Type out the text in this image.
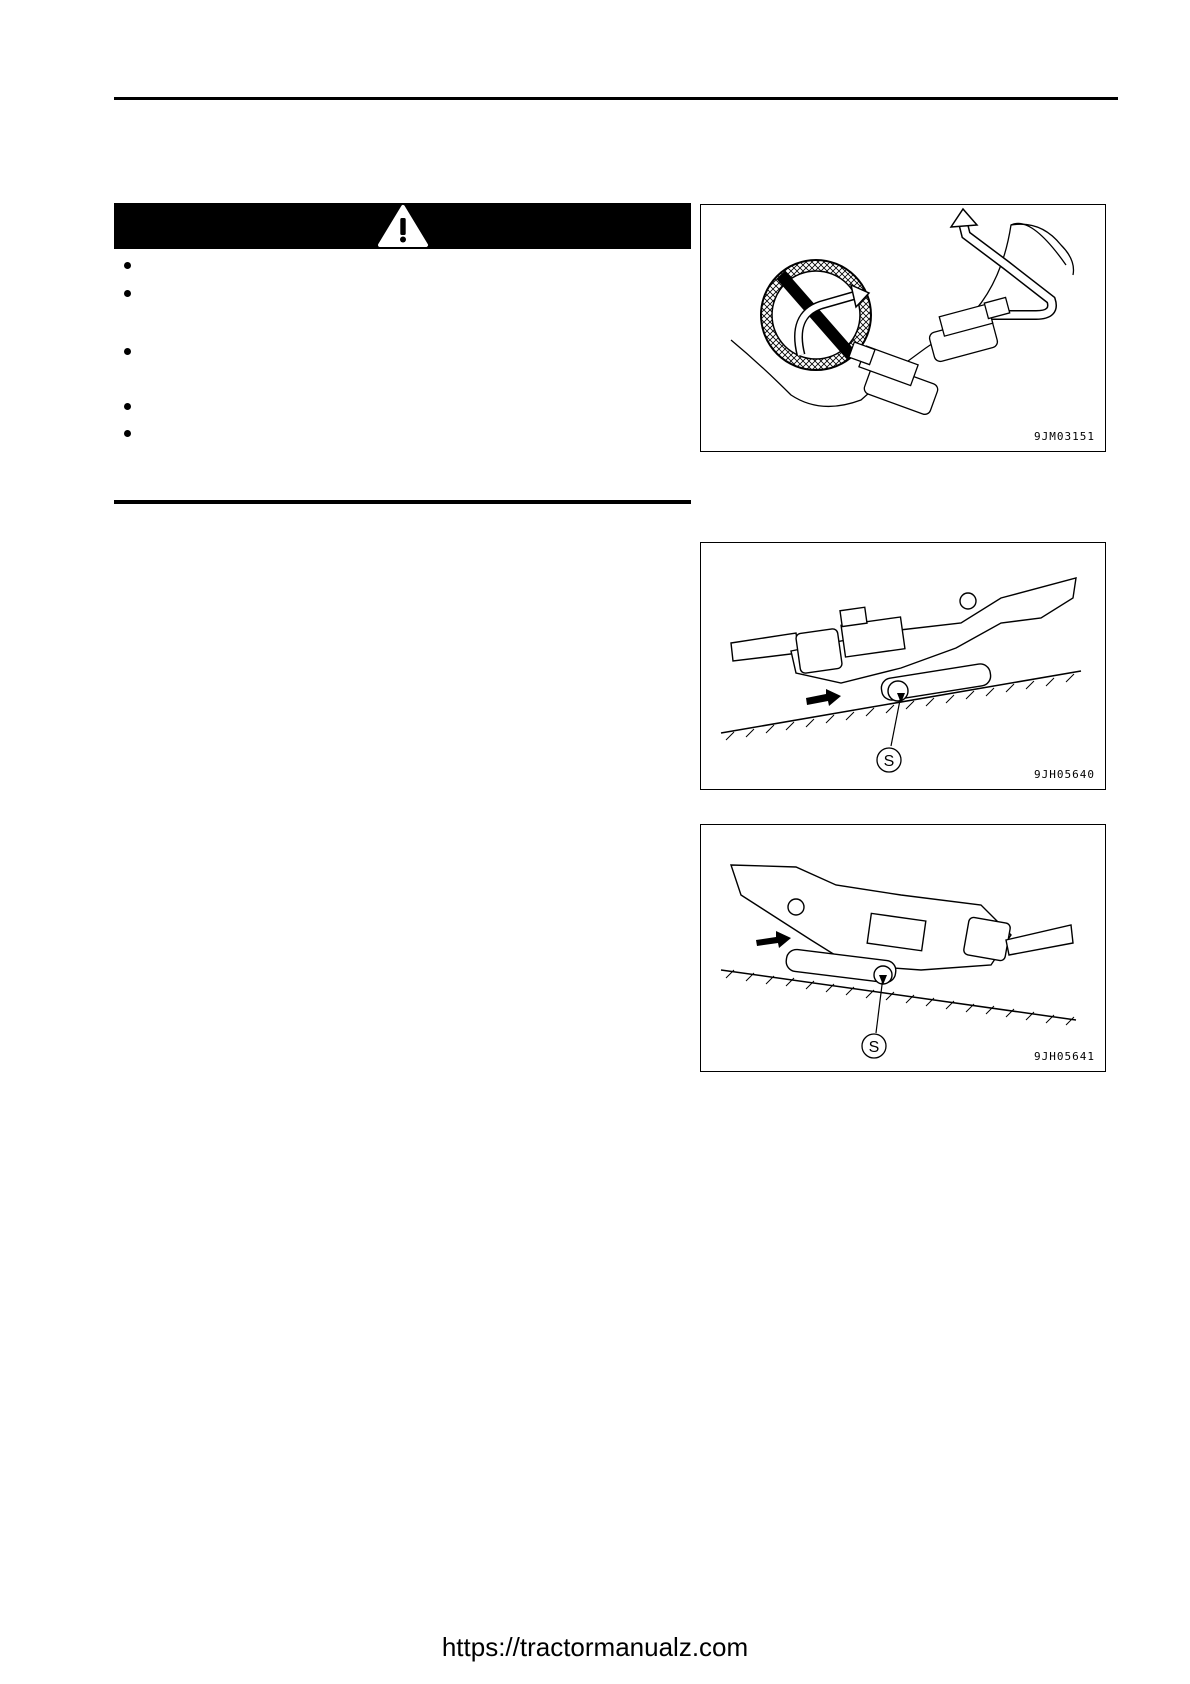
9JM03151
S
9JH05640
S
9JH05641
https://tractormanualz.com
